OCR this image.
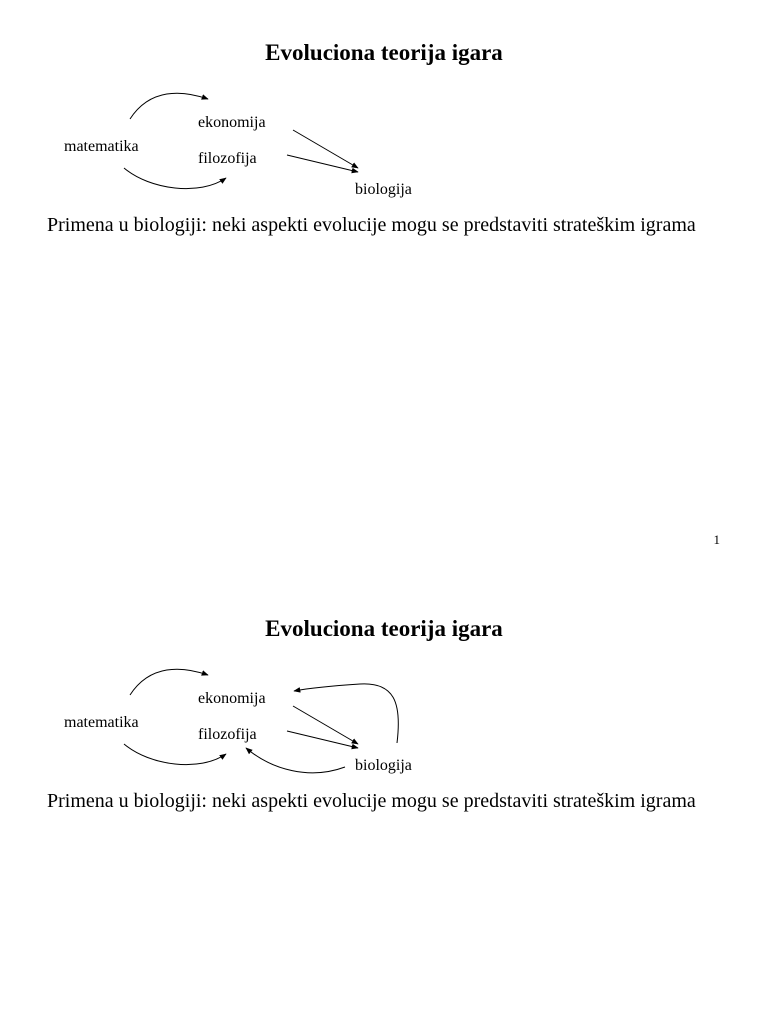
Evoluciona teorija igara
matematika
ekonomija
filozofija
biologija

Primena u biologiji: neki aspekti evolucije mogu se predstaviti strateškim igrama

1
Evoluciona teorija igara
matematika
ekonomija
filozofija
biologija

Primena u biologiji: neki aspekti evolucije mogu se predstaviti strateškim igrama
